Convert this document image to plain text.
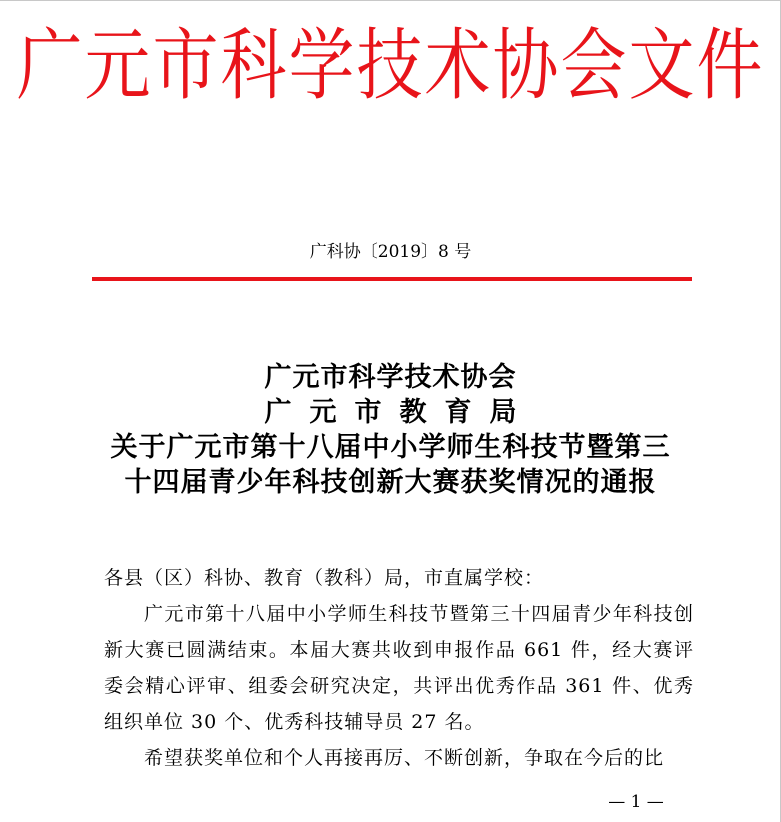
广元市科学技术协会文件
广科协〔2019〕8 号
广元市科学技术协会
广元市教育局
关于广元市第十八届中小学师生科技节暨第三
十四届青少年科技创新大赛获奖情况的通报

各县（区）科协、教育（教科）局，市直属学校：

广元市第十八届中小学师生科技节暨第三十四届青少年科技创新大赛已圆满结束。本届大赛共收到申报作品 661 件，经大赛评委会精心评审、组委会研究决定，共评出优秀作品 361 件、优秀组织单位 30 个、优秀科技辅导员 27 名。

希望获奖单位和个人再接再厉、不断创新，争取在今后的比

— 1 —
